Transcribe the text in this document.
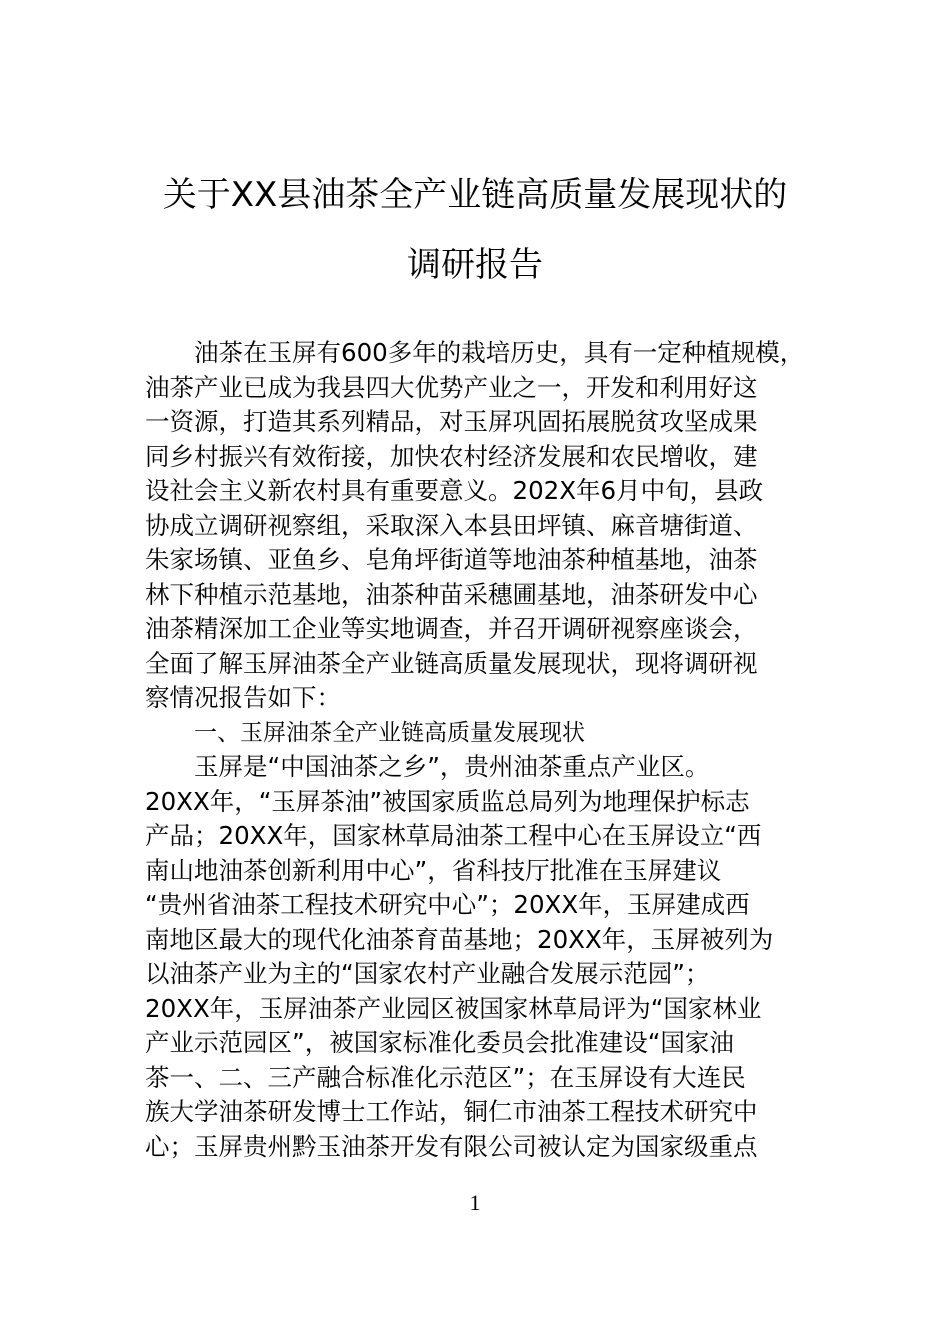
关于XX县油茶全产业链高质量发展现状的
调研报告
油茶在玉屏有600多年的栽培历史，具有一定种植规模，
油茶产业已成为我县四大优势产业之一，开发和利用好这
一资源，打造其系列精品，对玉屏巩固拓展脱贫攻坚成果
同乡村振兴有效衔接，加快农村经济发展和农民增收，建
设社会主义新农村具有重要意义。202X年6月中旬，县政
协成立调研视察组，采取深入本县田坪镇、麻音塘街道、
朱家场镇、亚鱼乡、皂角坪街道等地油茶种植基地，油茶
林下种植示范基地，油茶种苗采穗圃基地，油茶研发中心
油茶精深加工企业等实地调查，并召开调研视察座谈会，
全面了解玉屏油茶全产业链高质量发展现状，现将调研视
察情况报告如下：
一、玉屏油茶全产业链高质量发展现状
玉屏是“中国油茶之乡”，贵州油茶重点产业区。
20XX年，“玉屏茶油”被国家质监总局列为地理保护标志
产品；20XX年，国家林草局油茶工程中心在玉屏设立“西
南山地油茶创新利用中心”，省科技厅批准在玉屏建议
“贵州省油茶工程技术研究中心”；20XX年，玉屏建成西
南地区最大的现代化油茶育苗基地；20XX年，玉屏被列为
以油茶产业为主的“国家农村产业融合发展示范园”；
20XX年，玉屏油茶产业园区被国家林草局评为“国家林业
产业示范园区”，被国家标准化委员会批准建设“国家油
茶一、二、三产融合标准化示范区”；在玉屏设有大连民
族大学油茶研发博士工作站，铜仁市油茶工程技术研究中
心；玉屏贵州黔玉油茶开发有限公司被认定为国家级重点
1
